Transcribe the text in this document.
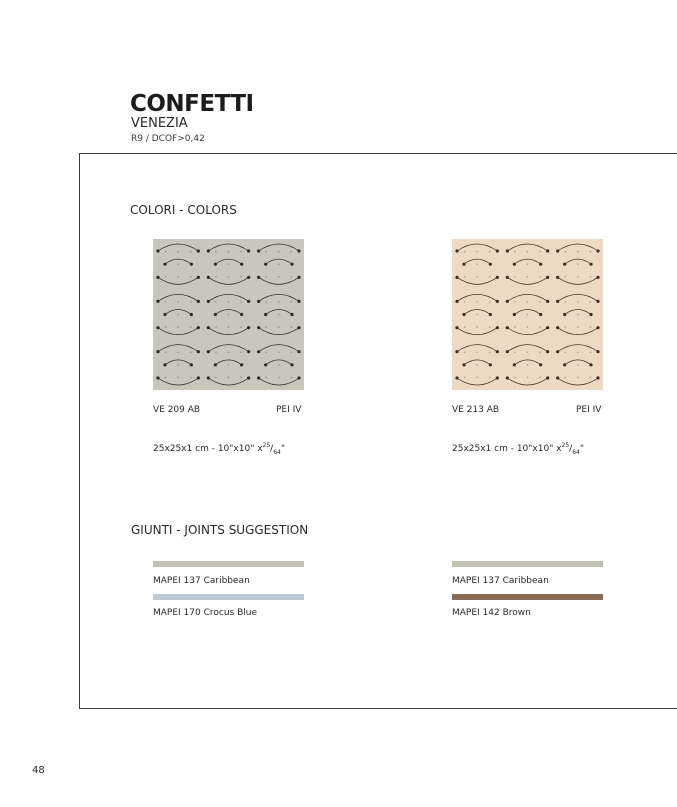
CONFETTI
VENEZIA
R9 / DCOF>0,42
COLORI - COLORS
VE 209 AB	PEI IV
25x25x1 cm - 10"x10" $x^{25}/_{64}$"
VE 213 AB	PEI IV
25x25x1 cm - 10"x10" $x^{25}/_{64}$"
GIUNTI - JOINTS SUGGESTION
MAPEI 137 Caribbean
MAPEI 170 Crocus Blue
MAPEI 137 Caribbean
MAPEI 142 Brown
48
